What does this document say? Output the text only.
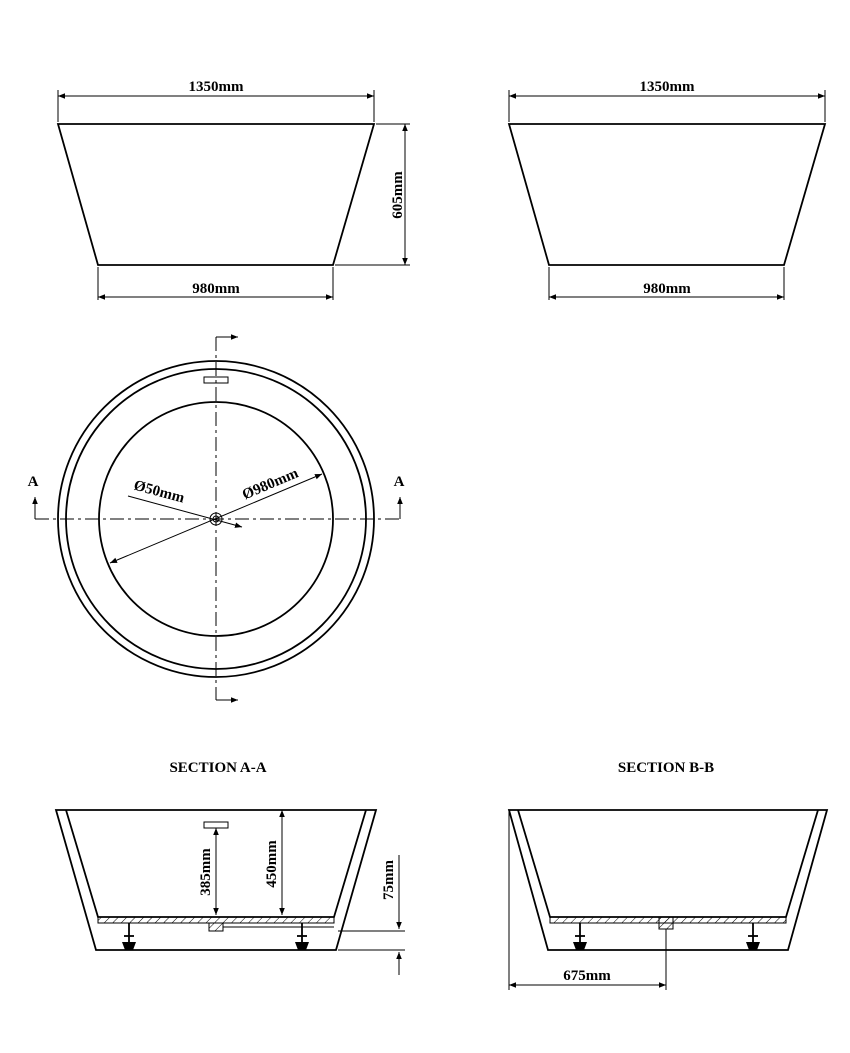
1350mm
980mm
605mm
1350mm
980mm
A	A
Ø50mm	Ø980mm
SECTION A-A
385mm	450mm	75mm
SECTION B-B
675mm
